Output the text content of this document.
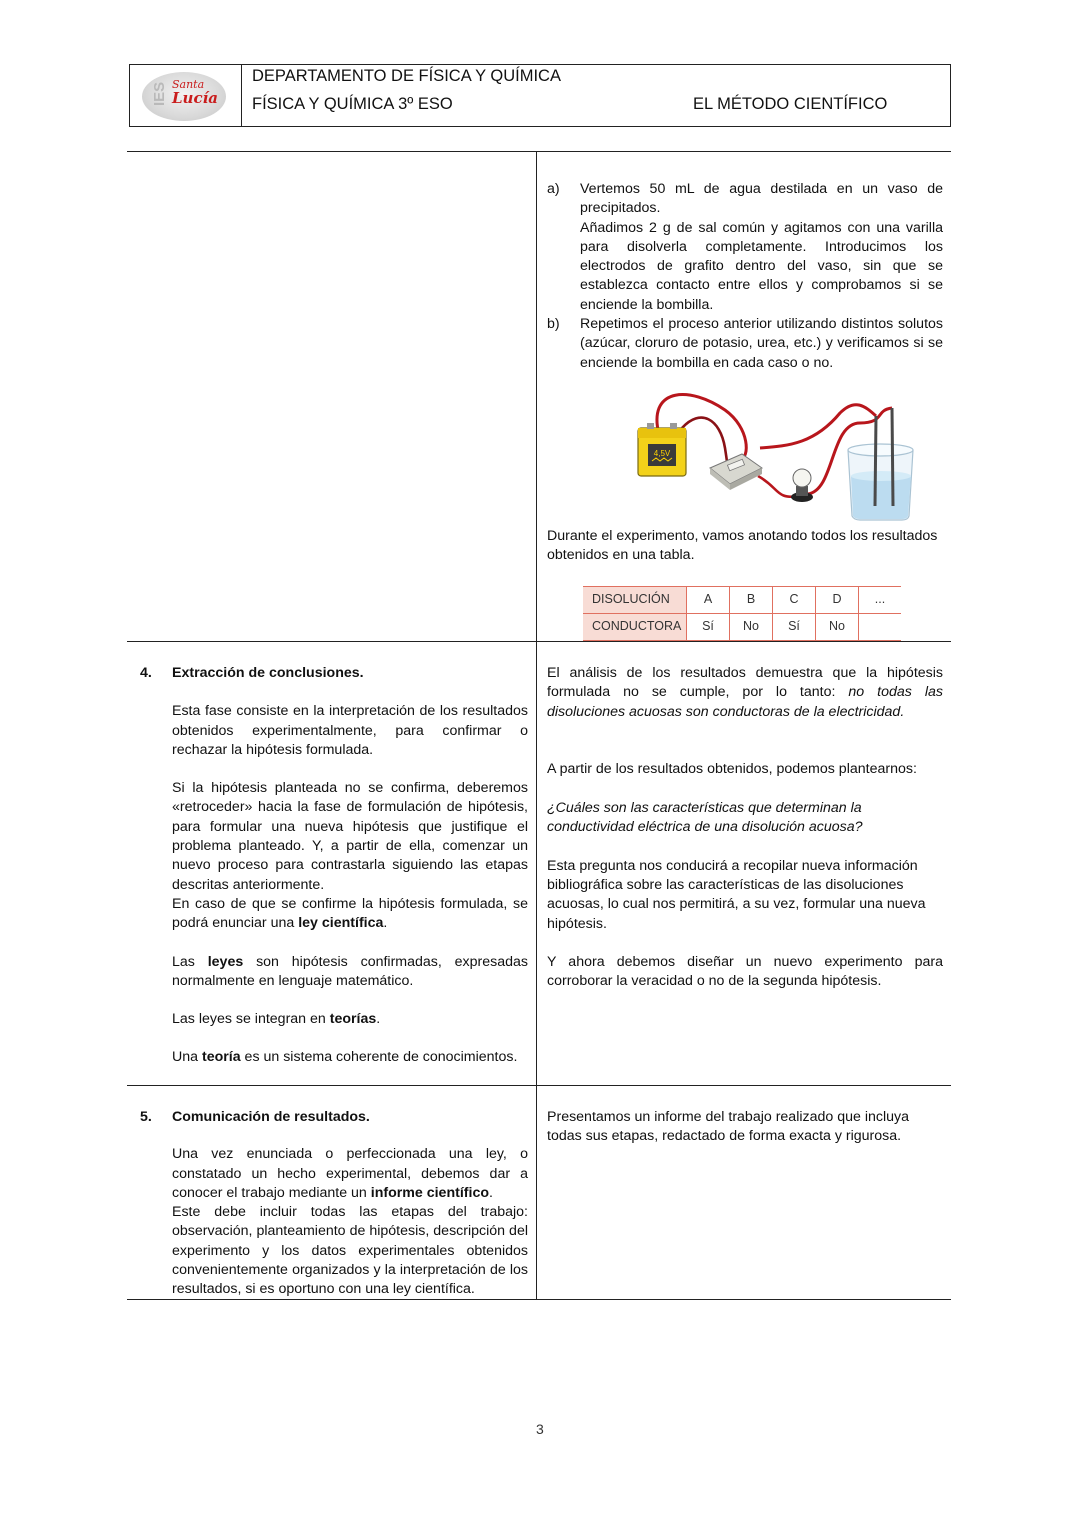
IES Santa
Lucía
DEPARTAMENTO DE FÍSICA Y QUÍMICA
FÍSICA Y QUÍMICA 3º ESO	EL MÉTODO CIENTÍFICO
a) Vertemos 50 mL de agua destilada en un vaso de precipitados.

Añadimos 2 g de sal común y agitamos con una varilla para disolverla completamente. Introducimos los electrodos de grafito dentro del vaso, sin que se establezca contacto entre ellos y comprobamos si se enciende la bombilla.

b) Repetimos el proceso anterior utilizando distintos solutos (azúcar, cloruro de potasio, urea, etc.) y verificamos si se enciende la bombilla en cada caso o no.

4,5V

Durante el experimento, vamos anotando todos los resultados obtenidos en una tabla.

DISOLUCIÓN	A	B	C	D	...
CONDUCTORA	Sí	No	Sí	No	
4. Extracción de conclusiones.

Esta fase consiste en la interpretación de los resultados obtenidos experimentalmente, para confirmar o rechazar la hipótesis formulada.

Si la hipótesis planteada no se confirma, deberemos «retroceder» hacia la fase de formulación de hipótesis, para formular una nueva hipótesis que justifique el problema planteado. Y, a partir de ella, comenzar un nuevo proceso para contrastarla siguiendo las etapas descritas anteriormente.

En caso de que se confirme la hipótesis formulada, se podrá enunciar una ley científica.

Las leyes son hipótesis confirmadas, expresadas normalmente en lenguaje matemático.

Las leyes se integran en teorías.

Una teoría es un sistema coherente de conocimientos.

El análisis de los resultados demuestra que la hipótesis formulada no se cumple, por lo tanto: no todas las disoluciones acuosas son conductoras de la electricidad.

A partir de los resultados obtenidos, podemos plantearnos:

¿Cuáles son las características que determinan la conductividad eléctrica de una disolución acuosa?

Esta pregunta nos conducirá a recopilar nueva información bibliográfica sobre las características de las disoluciones acuosas, lo cual nos permitirá, a su vez, formular una nueva hipótesis.

Y ahora debemos diseñar un nuevo experimento para corroborar la veracidad o no de la segunda hipótesis.

5. Comunicación de resultados.

Una vez enunciada o perfeccionada una ley, o constatado un hecho experimental, debemos dar a conocer el trabajo mediante un informe científico.

Este debe incluir todas las etapas del trabajo: observación, planteamiento de hipótesis, descripción del experimento y los datos experimentales obtenidos convenientemente organizados y la interpretación de los resultados, si es oportuno con una ley científica.

Presentamos un informe del trabajo realizado que incluya todas sus etapas, redactado de forma exacta y rigurosa.

3
